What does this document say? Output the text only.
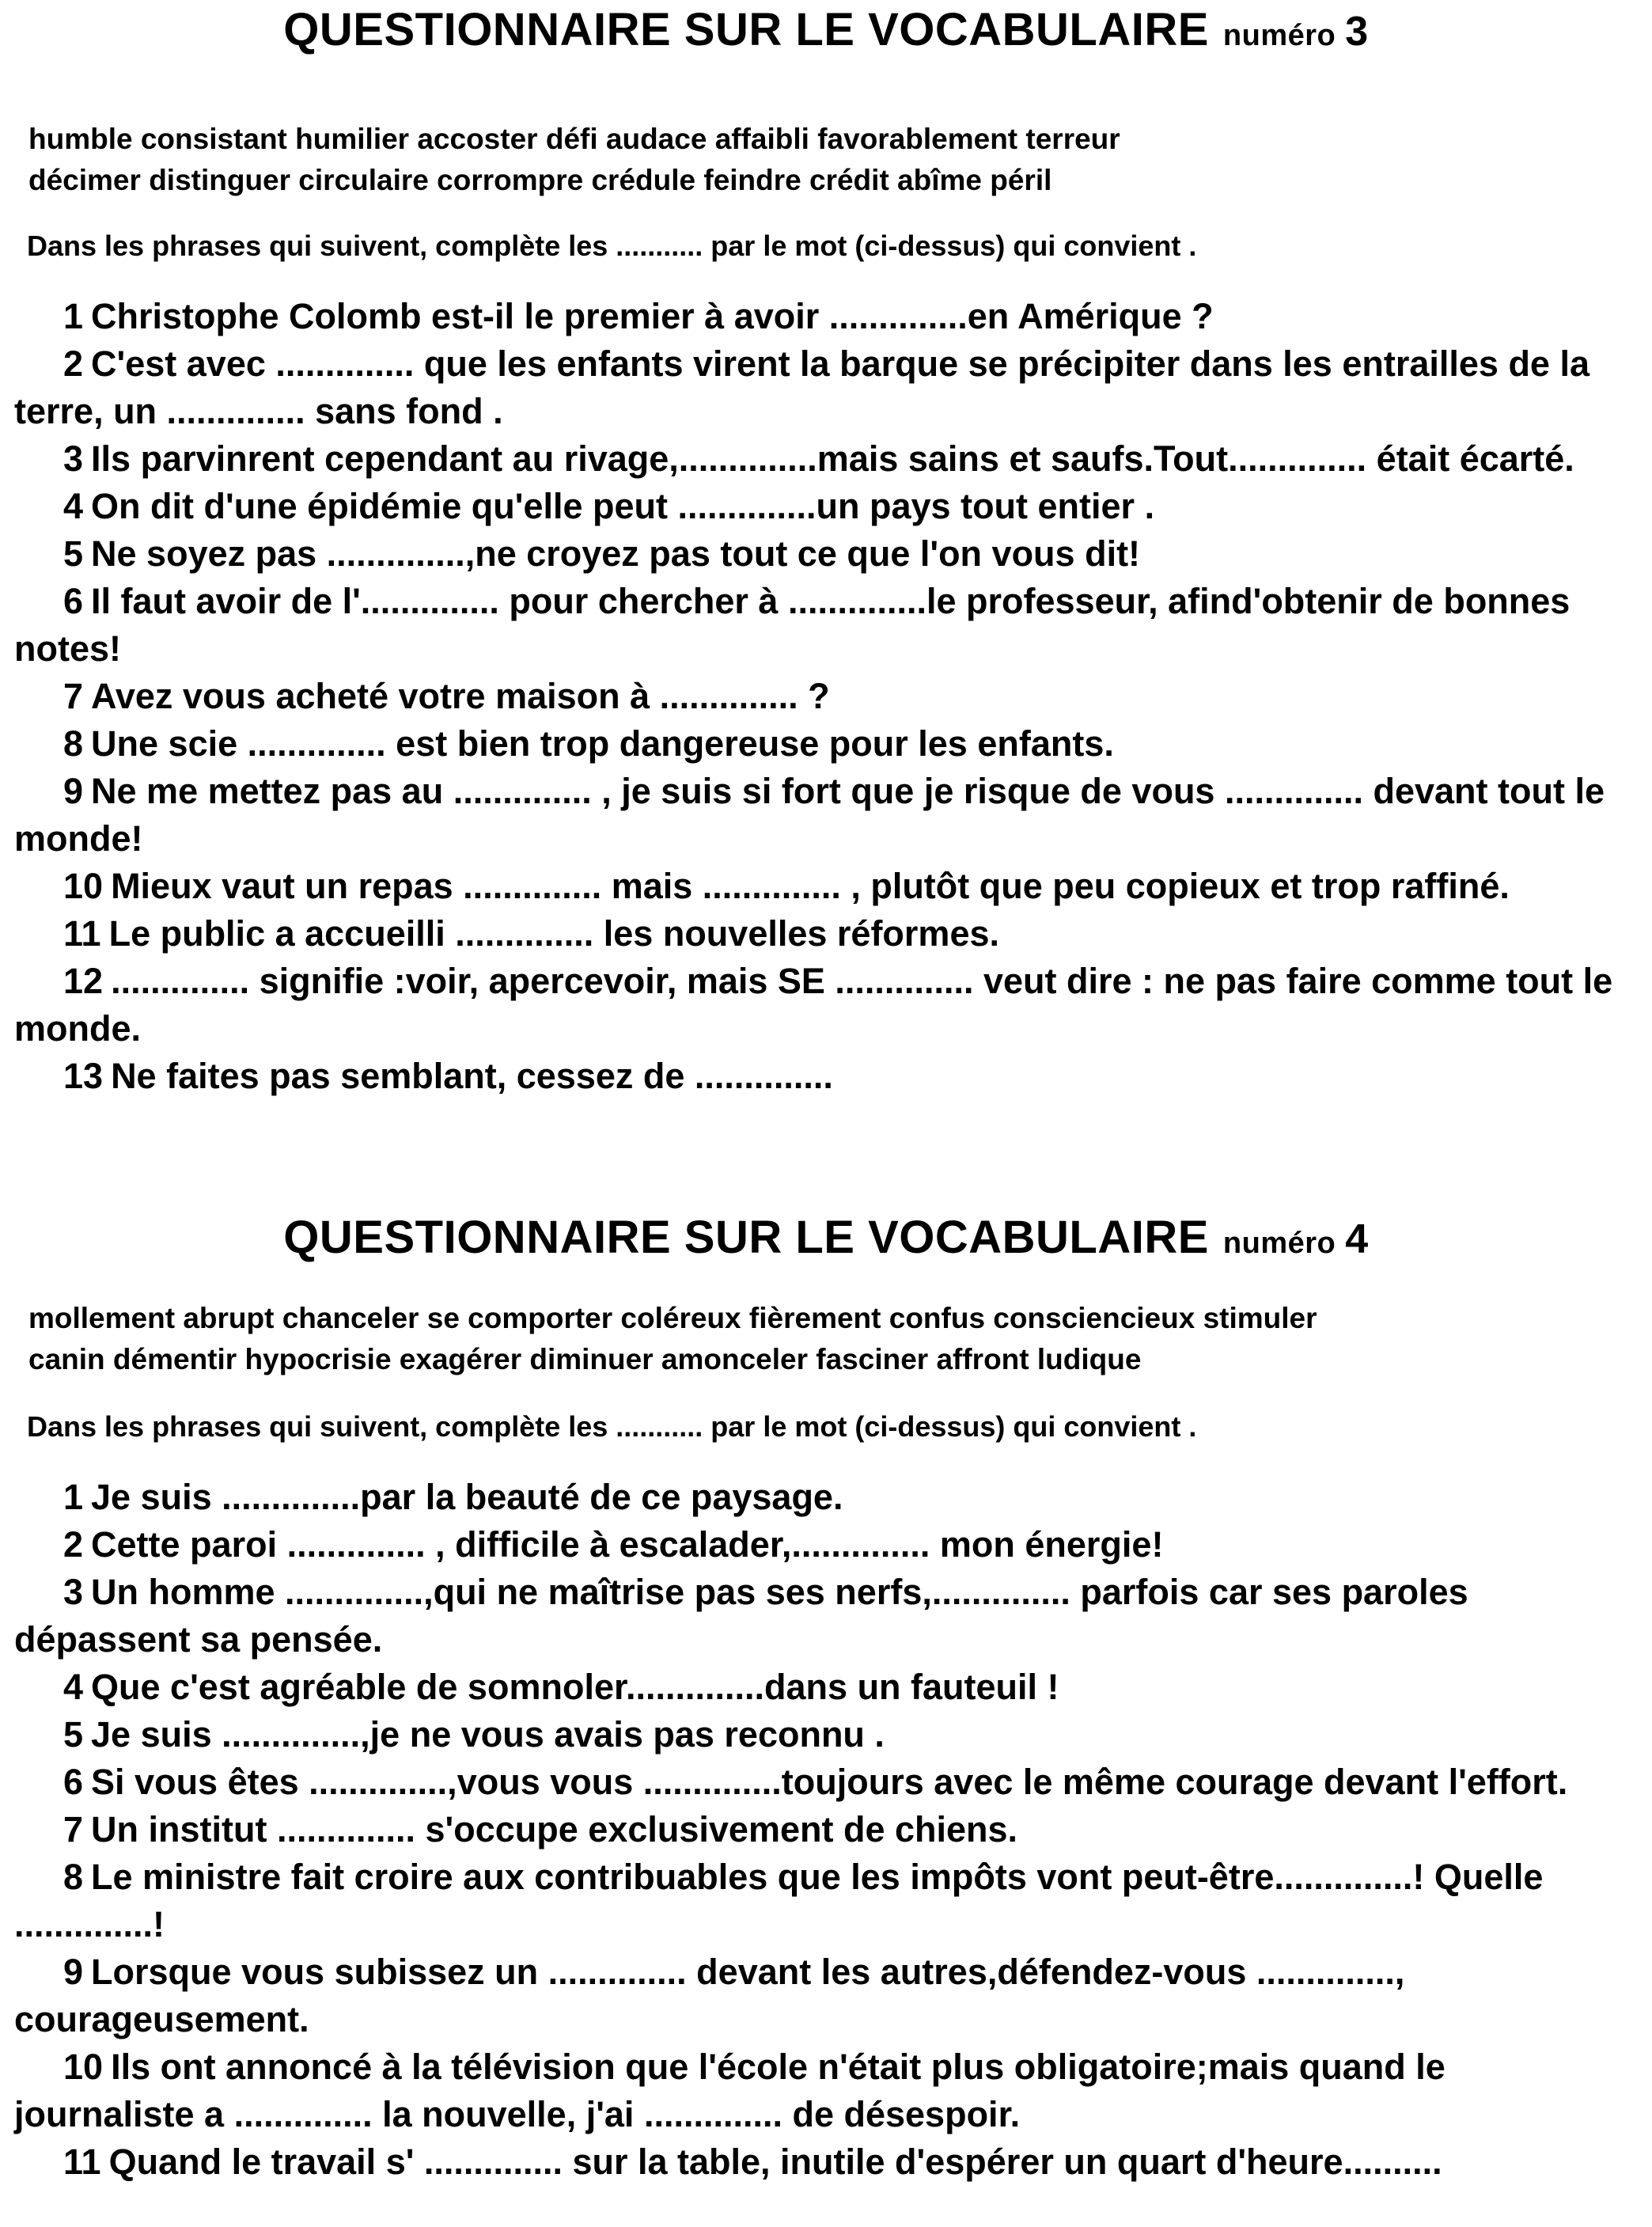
QUESTIONNAIRE SUR LE VOCABULAIRE numéro 3
humble consistant humilier accoster défi audace affaibli favorablement terreur
décimer distinguer circulaire corrompre crédule feindre crédit abîme péril
Dans les phrases qui suivent, complète les ........... par le mot (ci-dessus) qui convient .

1 Christophe Colomb est-il le premier à avoir ..............en Amérique ?

2 C'est avec .............. que les enfants virent la barque se précipiter dans les entrailles de la terre, un .............. sans fond .

3 Ils parvinrent cependant au rivage,..............mais sains et saufs.Tout.............. était écarté.

4 On dit d'une épidémie qu'elle peut ..............un pays tout entier .

5 Ne soyez pas ..............,ne croyez pas tout ce que l'on vous dit!

6 Il faut avoir de l'.............. pour chercher à ..............le professeur, afind'obtenir de bonnes notes!

7 Avez vous acheté votre maison à .............. ?

8 Une scie .............. est bien trop dangereuse pour les enfants.

9 Ne me mettez pas au .............. , je suis si fort que je risque de vous .............. devant tout le monde!

10 Mieux vaut un repas .............. mais .............. , plutôt que peu copieux et trop raffiné.

11 Le public a accueilli .............. les nouvelles réformes.

12 .............. signifie :voir, apercevoir, mais SE .............. veut dire : ne pas faire comme tout le monde.

13 Ne faites pas semblant, cessez de ..............

QUESTIONNAIRE SUR LE VOCABULAIRE numéro 4
mollement abrupt chanceler se comporter coléreux fièrement confus consciencieux stimuler
canin démentir hypocrisie exagérer diminuer amonceler fasciner affront ludique
Dans les phrases qui suivent, complète les ........... par le mot (ci-dessus) qui convient .

1 Je suis ..............par la beauté de ce paysage.

2 Cette paroi .............. , difficile à escalader,.............. mon énergie!

3 Un homme ..............,qui ne maîtrise pas ses nerfs,.............. parfois car ses paroles dépassent sa pensée.

4 Que c'est agréable de somnoler..............dans un fauteuil !

5 Je suis ..............,je ne vous avais pas reconnu .

6 Si vous êtes ..............,vous vous ..............toujours avec le même courage devant l'effort.

7 Un institut .............. s'occupe exclusivement de chiens.

8 Le ministre fait croire aux contribuables que les impôts vont peut-être..............! Quelle ..............!

9 Lorsque vous subissez un .............. devant les autres,défendez-vous .............., courageusement.

10 Ils ont annoncé à la télévision que l'école n'était plus obligatoire;mais quand le journaliste a .............. la nouvelle, j'ai .............. de désespoir.

11 Quand le travail s' .............. sur la table, inutile d'espérer un quart d'heure..........
